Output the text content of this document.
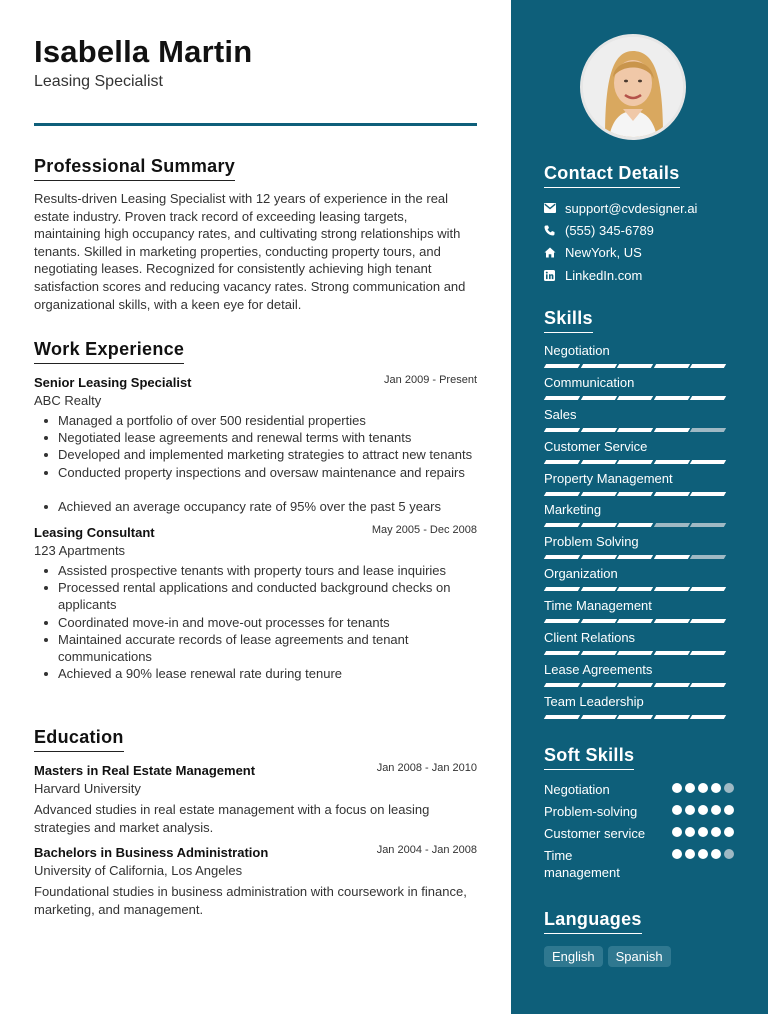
Isabella Martin
Leasing Specialist
Professional Summary
Results-driven Leasing Specialist with 12 years of experience in the real estate industry. Proven track record of exceeding leasing targets, maintaining high occupancy rates, and cultivating strong relationships with tenants. Skilled in marketing properties, conducting property tours, and negotiating leases. Recognized for consistently achieving high tenant satisfaction scores and reducing vacancy rates. Strong communication and organizational skills, with a keen eye for detail.
Work Experience
Senior Leasing Specialist	Jan 2009 - Present
ABC Realty
Managed a portfolio of over 500 residential properties
Negotiated lease agreements and renewal terms with tenants
Developed and implemented marketing strategies to attract new tenants
Conducted property inspections and oversaw maintenance and repairs
Achieved an average occupancy rate of 95% over the past 5 years
Leasing Consultant	May 2005 - Dec 2008
123 Apartments
Assisted prospective tenants with property tours and lease inquiries
Processed rental applications and conducted background checks on applicants
Coordinated move-in and move-out processes for tenants
Maintained accurate records of lease agreements and tenant communications
Achieved a 90% lease renewal rate during tenure
Education
Masters in Real Estate Management	Jan 2008 - Jan 2010
Harvard University
Advanced studies in real estate management with a focus on leasing strategies and market analysis.
Bachelors in Business Administration	Jan 2004 - Jan 2008
University of California, Los Angeles
Foundational studies in business administration with coursework in finance, marketing, and management.
Contact Details
support@cvdesigner.ai
(555) 345-6789
NewYork, US
LinkedIn.com
Skills
Negotiation
Communication
Sales
Customer Service
Property Management
Marketing
Problem Solving
Organization
Time Management
Client Relations
Lease Agreements
Team Leadership
Soft Skills
Negotiation
Problem-solving
Customer service
Time management
Languages
English	Spanish
